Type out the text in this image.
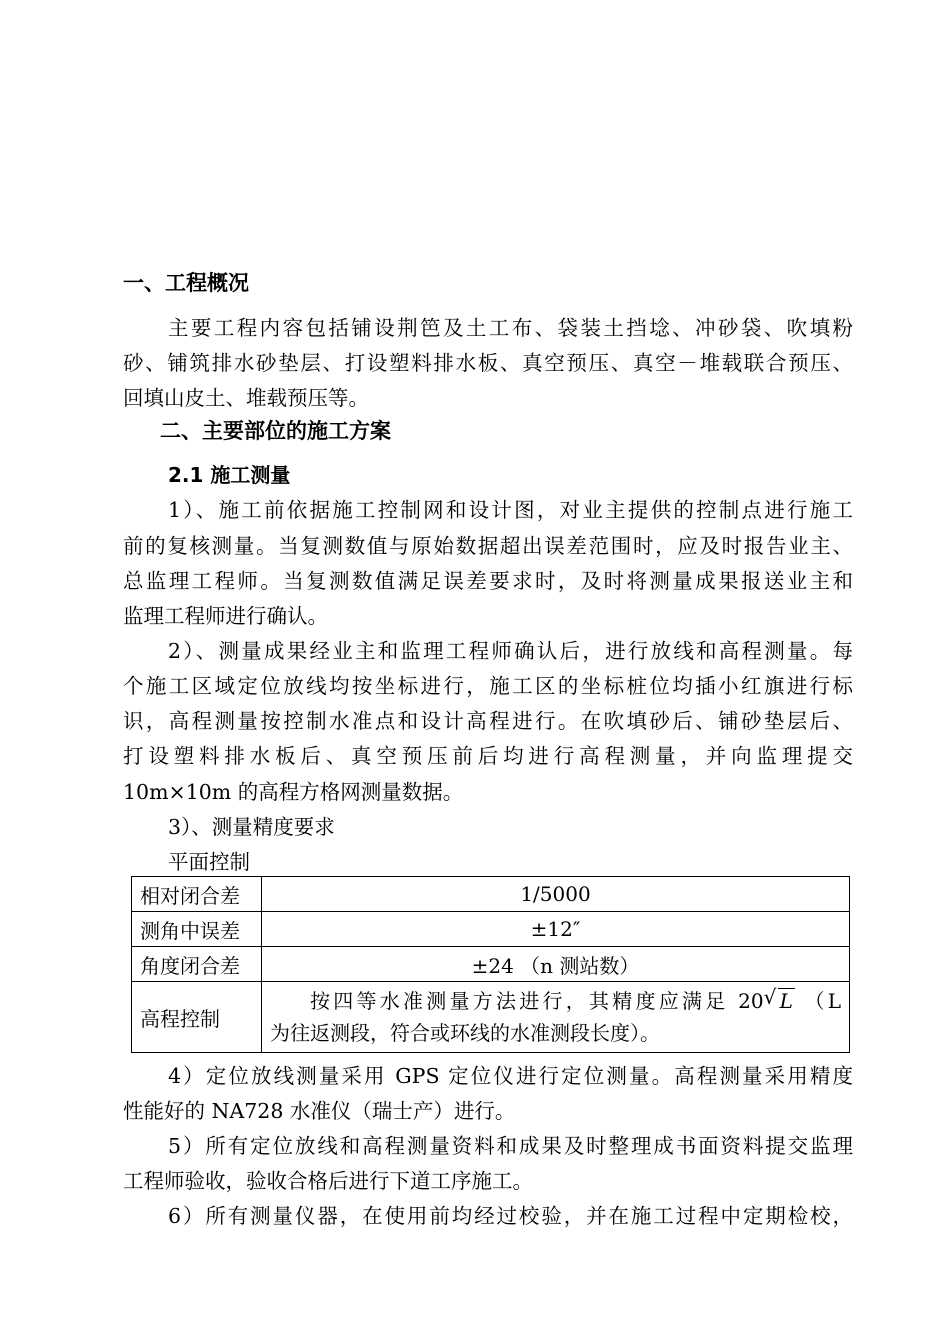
一、工程概况
主要工程内容包括铺设荆笆及土工布、袋装土挡埝、冲砂袋、吹填粉
砂、铺筑排水砂垫层、打设塑料排水板、真空预压、真空－堆载联合预压、
回填山皮土、堆载预压等。
二、主要部位的施工方案
2.1 施工测量
1）、施工前依据施工控制网和设计图，对业主提供的控制点进行施工
前的复核测量。当复测数值与原始数据超出误差范围时，应及时报告业主、
总监理工程师。当复测数值满足误差要求时，及时将测量成果报送业主和
监理工程师进行确认。
2）、测量成果经业主和监理工程师确认后，进行放线和高程测量。每
个施工区域定位放线均按坐标进行，施工区的坐标桩位均插小红旗进行标
识，高程测量按控制水准点和设计高程进行。在吹填砂后、铺砂垫层后、
打设塑料排水板后、真空预压前后均进行高程测量，并向监理提交
10m×10m 的高程方格网测量数据。
3）、测量精度要求
平面控制
相对闭合差	1/5000
测角中误差	±12″
角度闭合差	±24 （n 测站数）
高程控制	按四等水准测量方法进行，其精度应满足 20 √ L （L
为往返测段，符合或环线的水准测段长度）。
4）定位放线测量采用 GPS 定位仪进行定位测量。高程测量采用精度
性能好的 NA728 水准仪（瑞士产）进行。
5）所有定位放线和高程测量资料和成果及时整理成书面资料提交监理
工程师验收，验收合格后进行下道工序施工。
6）所有测量仪器，在使用前均经过校验，并在施工过程中定期检校，
